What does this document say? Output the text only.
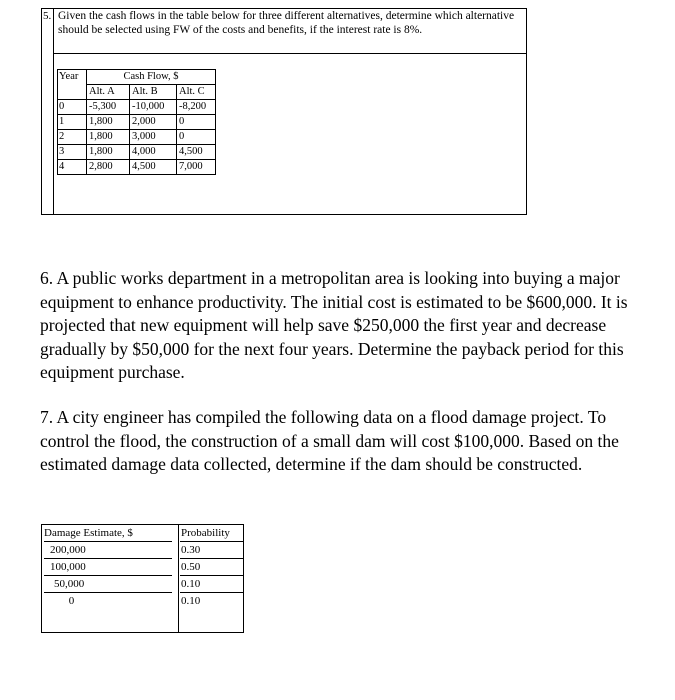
5. Given the cash flows in the table below for three different alternatives, determine which alternative should be selected using FW of the costs and benefits, if the interest rate is 8%.
Year	Cash Flow, $		
	Alt. A	Alt. B	Alt. C
0	-5,300	-10,000	-8,200
1	1,800	2,000	0
2	1,800	3,000	0
3	1,800	4,000	4,500
4	2,800	4,500	7,000
6. A public works department in a metropolitan area is looking into buying a major equipment to enhance productivity. The initial cost is estimated to be $600,000. It is projected that new equipment will help save $250,000 the first year and decrease gradually by $50,000 for the next four years. Determine the payback period for this equipment purchase.
7. A city engineer has compiled the following data on a flood damage project. To control the flood, the construction of a small dam will cost $100,000. Based on the estimated damage data collected, determine if the dam should be constructed.
Damage Estimate, $	Probability
200,000	0.30
100,000	0.50
50,000	0.10
0	0.10
